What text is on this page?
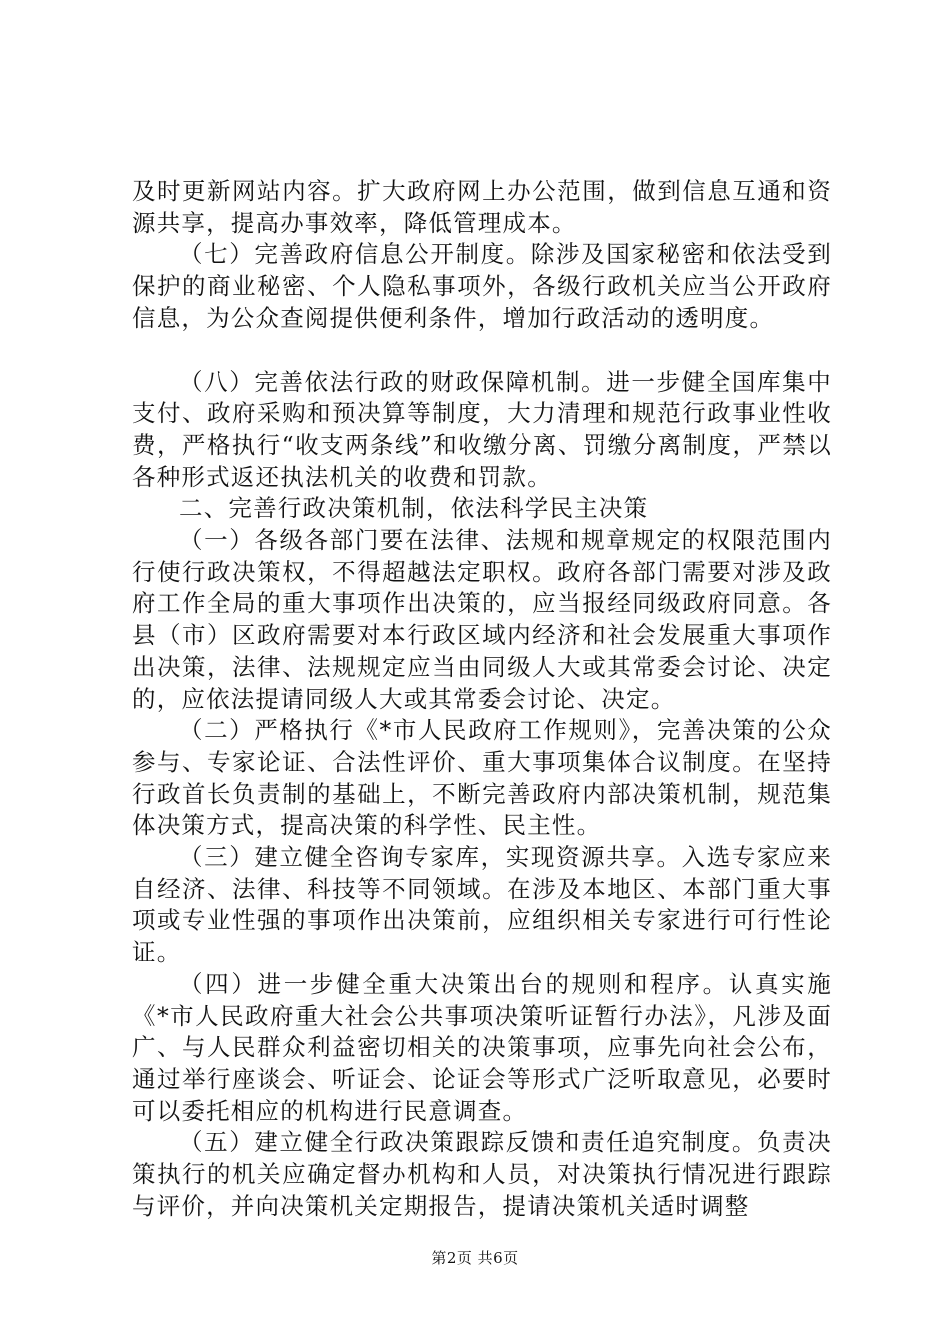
及时更新网站内容。扩大政府网上办公范围，做到信息互通和资源共享，提高办事效率，降低管理成本。

（七）完善政府信息公开制度。除涉及国家秘密和依法受到保护的商业秘密、个人隐私事项外，各级行政机关应当公开政府信息，为公众查阅提供便利条件，增加行政活动的透明度。

（八）完善依法行政的财政保障机制。进一步健全国库集中支付、政府采购和预决算等制度，大力清理和规范行政事业性收费，严格执行“收支两条线”和收缴分离、罚缴分离制度，严禁以各种形式返还执法机关的收费和罚款。

二、完善行政决策机制，依法科学民主决策

（一）各级各部门要在法律、法规和规章规定的权限范围内行使行政决策权，不得超越法定职权。政府各部门需要对涉及政府工作全局的重大事项作出决策的，应当报经同级政府同意。各县（市）区政府需要对本行政区域内经济和社会发展重大事项作出决策，法律、法规规定应当由同级人大或其常委会讨论、决定的，应依法提请同级人大或其常委会讨论、决定。

（二）严格执行《*市人民政府工作规则》，完善决策的公众参与、专家论证、合法性评价、重大事项集体合议制度。在坚持行政首长负责制的基础上，不断完善政府内部决策机制，规范集体决策方式，提高决策的科学性、民主性。

（三）建立健全咨询专家库，实现资源共享。入选专家应来自经济、法律、科技等不同领域。在涉及本地区、本部门重大事项或专业性强的事项作出决策前，应组织相关专家进行可行性论证。

（四）进一步健全重大决策出台的规则和程序。认真实施《*市人民政府重大社会公共事项决策听证暂行办法》，凡涉及面广、与人民群众利益密切相关的决策事项，应事先向社会公布，通过举行座谈会、听证会、论证会等形式广泛听取意见，必要时可以委托相应的机构进行民意调查。

（五）建立健全行政决策跟踪反馈和责任追究制度。负责决策执行的机关应确定督办机构和人员，对决策执行情况进行跟踪与评价，并向决策机关定期报告，提请决策机关适时调整

第2页 共6页
